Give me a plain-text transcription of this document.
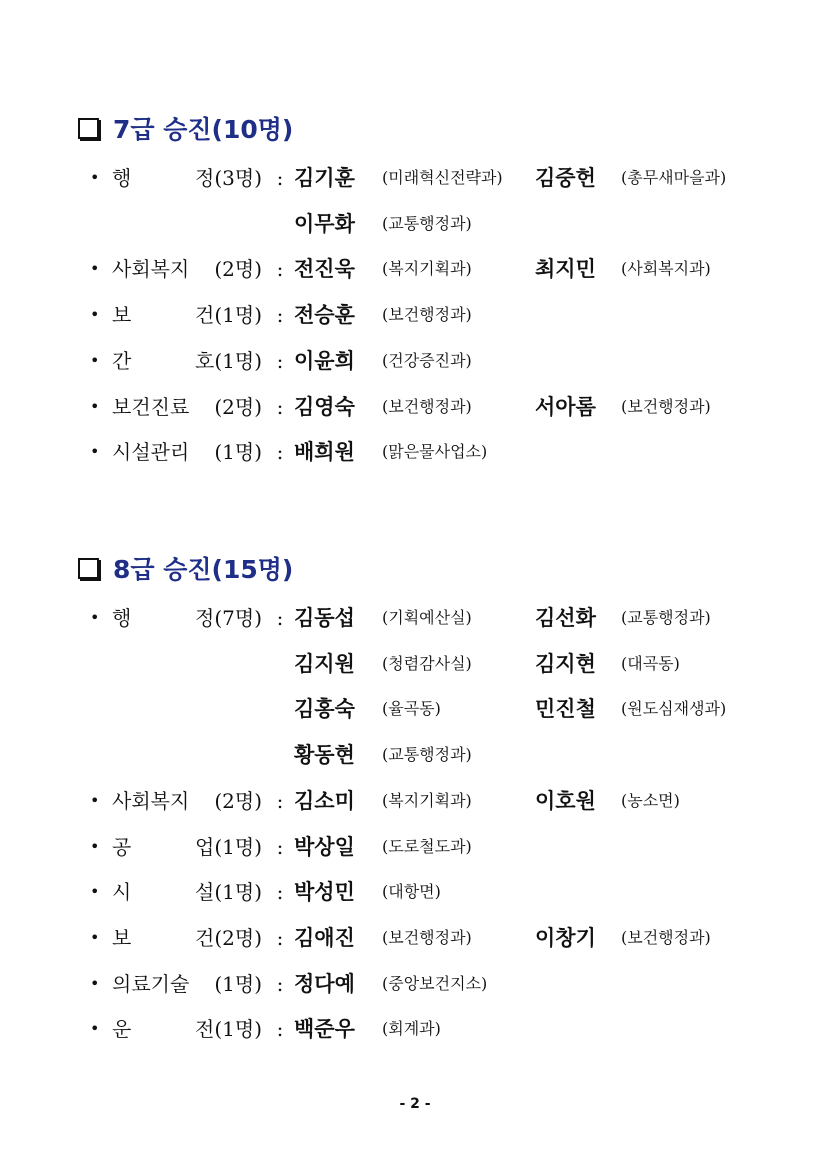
7급 승진(10명)
• 행	정 (3명) : 김기훈 (미래혁신전략과) 김중헌 (총무새마을과)
이무화 (교통행정과)
• 사 회 복 지 (2명) : 전진욱 (복지기획과)	최지민 (사회복지과)
• 보	건 (1명) : 전승훈 (보건행정과)
• 간	호 (1명) : 이윤희 (건강증진과)
• 보 건 진 료 (2명) : 김영숙 (보건행정과)	서아롬 (보건행정과)
• 시 설 관 리 (1명) : 배희원 (맑은물사업소)
8급 승진(15명)
• 행	정 (7명) : 김동섭 (기획예산실)	김선화 (교통행정과)
김지원 (청렴감사실)	김지현 (대곡동)
김홍숙 (율곡동)	민진철 (원도심재생과)
황동현 (교통행정과)
• 사 회 복 지 (2명) : 김소미 (복지기획과)	이호원 (농소면)
• 공	업 (1명) : 박상일 (도로철도과)
• 시	설 (1명) : 박성민 (대항면)
• 보	건 (2명) : 김애진 (보건행정과)	이창기 (보건행정과)
• 의 료 기 술 (1명) : 정다예 (중앙보건지소)
• 운	전 (1명) : 백준우 (회계과)
- 2 -
